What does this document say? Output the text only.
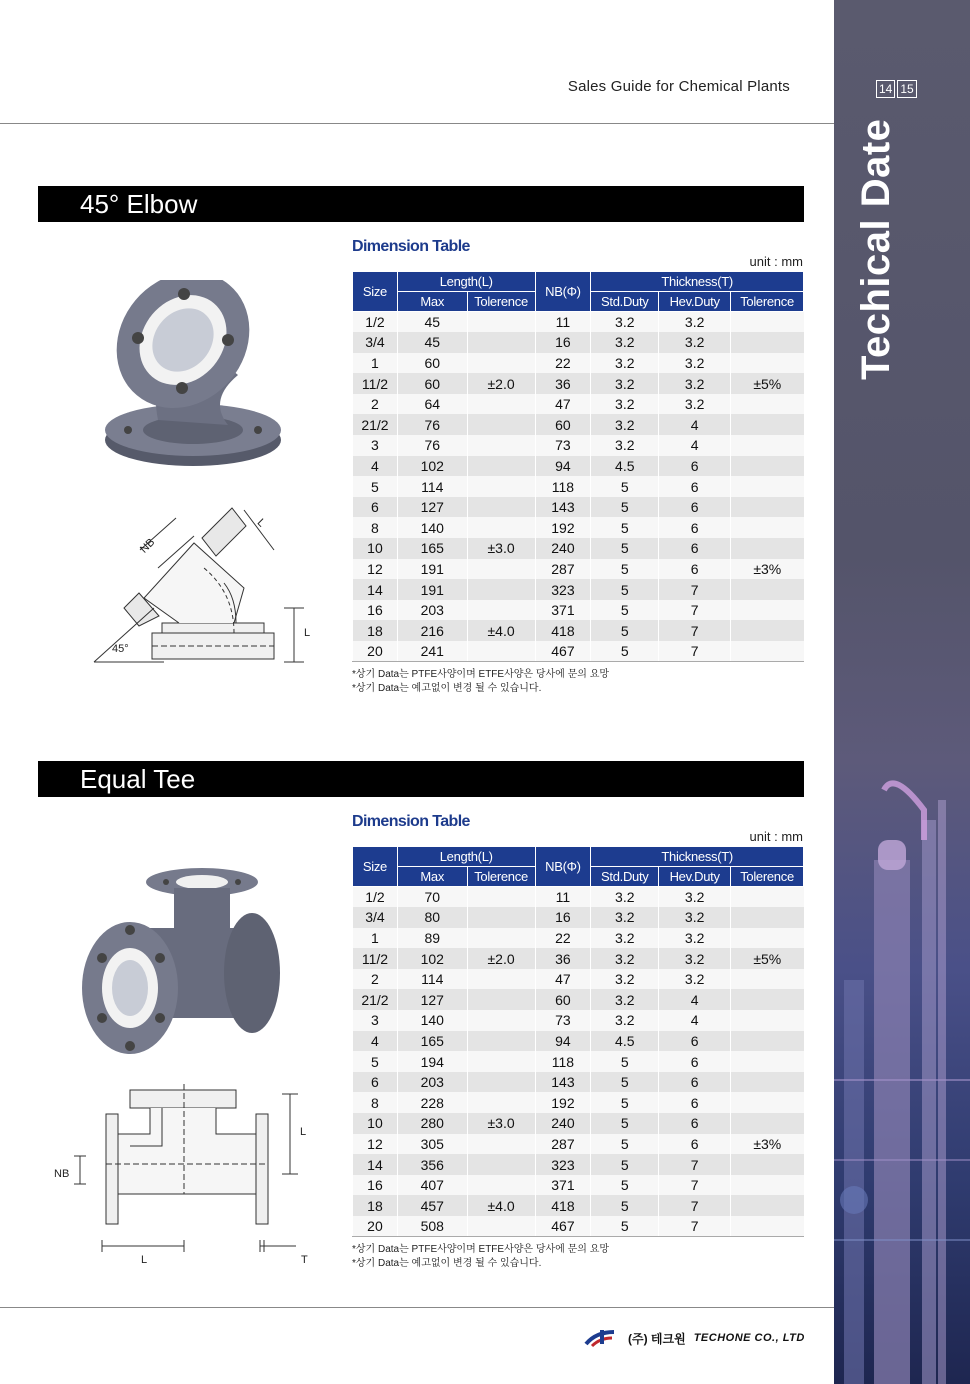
Sales Guide for Chemical Plants	14 15
Techical Date
45° Elbow
NB
L
L
45°
Dimension Table
unit : mm
Size	Length(L)		NB(Φ)	Thickness(T)		
	Max	Tolerence		Std.Duty	Hev.Duty	Tolerence
1/2	45		11	3.2	3.2	
3/4	45		16	3.2	3.2	
1	60		22	3.2	3.2	
11/2	60	±2.0	36	3.2	3.2	±5%
2	64		47	3.2	3.2	
21/2	76		60	3.2	4	
3	76		73	3.2	4	
4	102		94	4.5	6	
5	114		118	5	6	
6	127		143	5	6	
8	140		192	5	6	
10	165	±3.0	240	5	6	
12	191		287	5	6	±3%
14	191		323	5	7	
16	203		371	5	7	
18	216	±4.0	418	5	7	
20	241		467	5	7	
*상기 Data는 PTFE사양이며 ETFE사양은 당사에 문의 요망
*상기 Data는 예고없이 변경 될 수 있습니다.
Equal Tee
NB
L
L	T
Dimension Table
unit : mm
Size	Length(L)		NB(Φ)	Thickness(T)		
	Max	Tolerence		Std.Duty	Hev.Duty	Tolerence
1/2	70		11	3.2	3.2	
3/4	80		16	3.2	3.2	
1	89		22	3.2	3.2	
11/2	102	±2.0	36	3.2	3.2	±5%
2	114		47	3.2	3.2	
21/2	127		60	3.2	4	
3	140		73	3.2	4	
4	165		94	4.5	6	
5	194		118	5	6	
6	203		143	5	6	
8	228		192	5	6	
10	280	±3.0	240	5	6	
12	305		287	5	6	±3%
14	356		323	5	7	
16	407		371	5	7	
18	457	±4.0	418	5	7	
20	508		467	5	7	
*상기 Data는 PTFE사양이며 ETFE사양은 당사에 문의 요망
*상기 Data는 예고없이 변경 될 수 있습니다.
(주) 테크원 TECHONE CO., LTD
